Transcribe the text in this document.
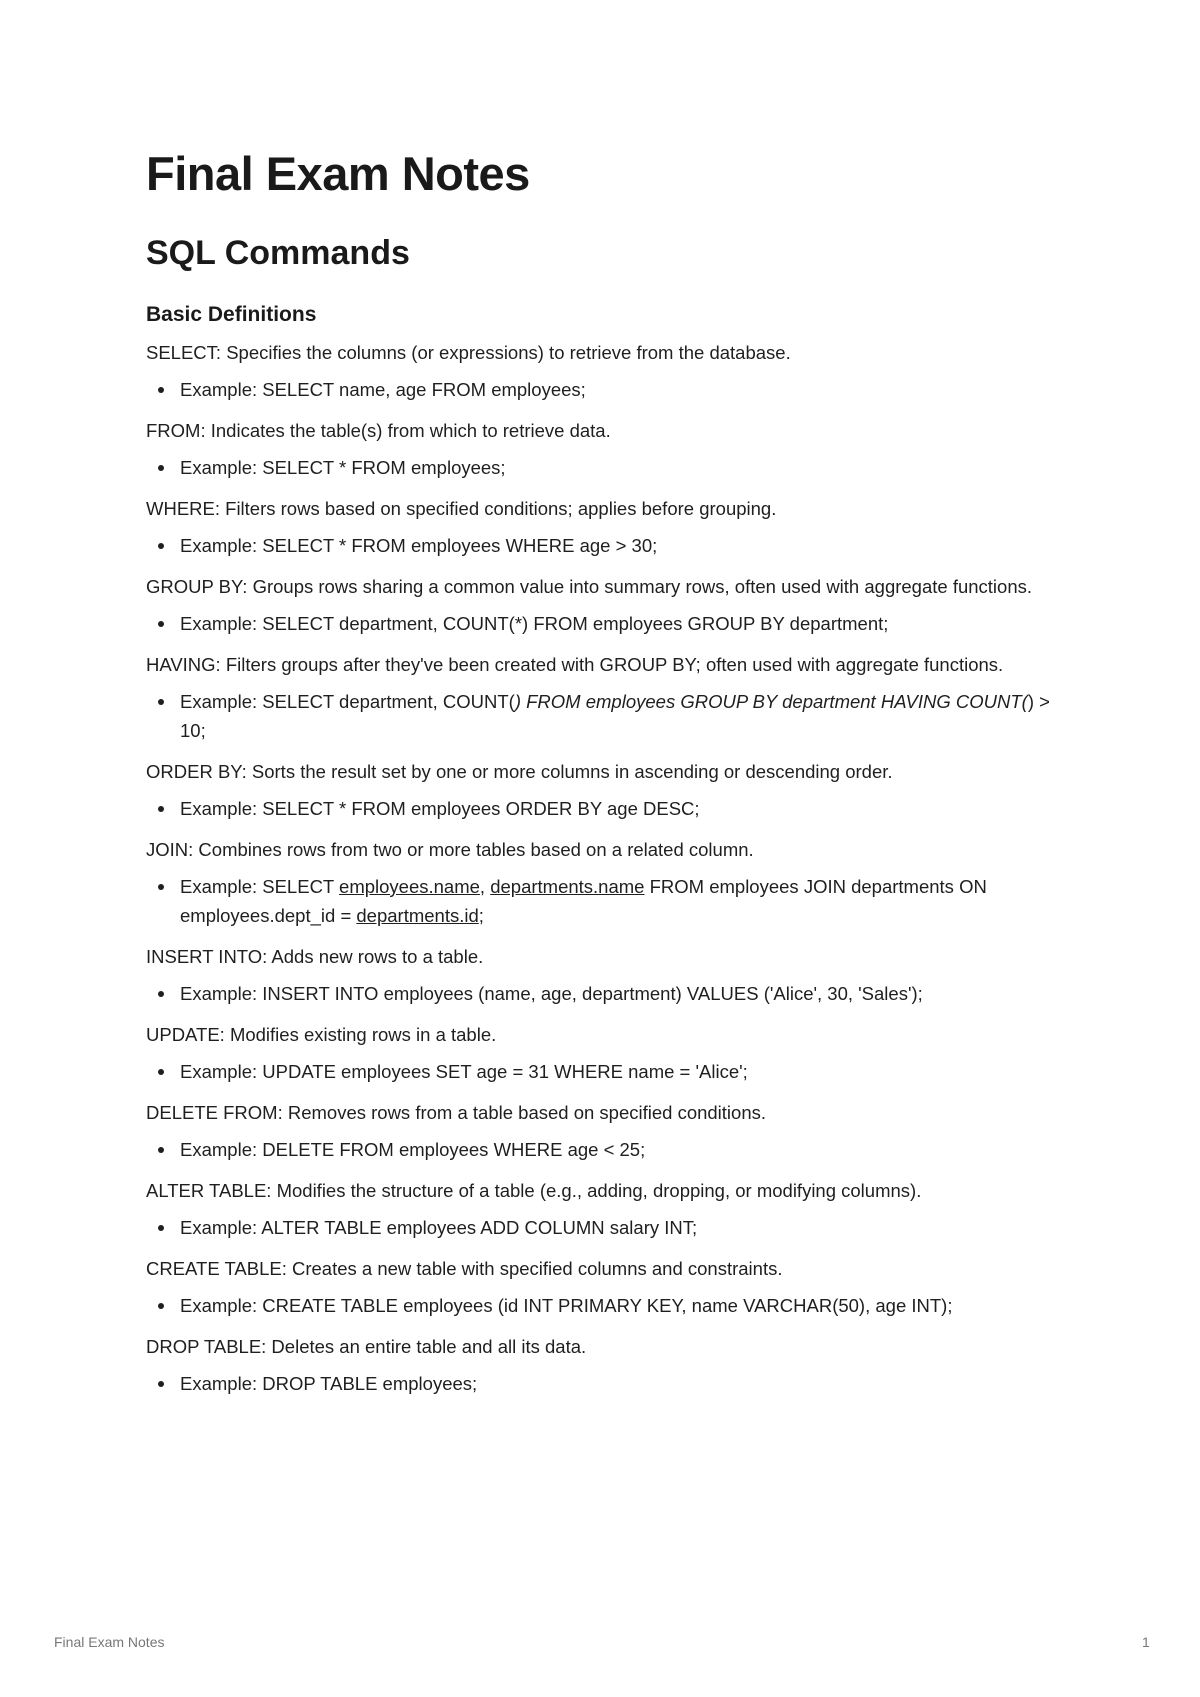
Final Exam Notes
SQL Commands
Basic Definitions

SELECT: Specifies the columns (or expressions) to retrieve from the database.

Example: SELECT name, age FROM employees;

FROM: Indicates the table(s) from which to retrieve data.

Example: SELECT * FROM employees;

WHERE: Filters rows based on specified conditions; applies before grouping.

Example: SELECT * FROM employees WHERE age > 30;

GROUP BY: Groups rows sharing a common value into summary rows, often used with aggregate functions.

Example: SELECT department, COUNT(*) FROM employees GROUP BY department;

HAVING: Filters groups after they've been created with GROUP BY; often used with aggregate functions.

Example: SELECT department, COUNT() FROM employees GROUP BY department HAVING COUNT() > 10;

ORDER BY: Sorts the result set by one or more columns in ascending or descending order.

Example: SELECT * FROM employees ORDER BY age DESC;

JOIN: Combines rows from two or more tables based on a related column.

Example: SELECT employees.name, departments.name FROM employees JOIN departments ON employees.dept_id = departments.id;

INSERT INTO: Adds new rows to a table.

Example: INSERT INTO employees (name, age, department) VALUES ('Alice', 30, 'Sales');

UPDATE: Modifies existing rows in a table.

Example: UPDATE employees SET age = 31 WHERE name = 'Alice';

DELETE FROM: Removes rows from a table based on specified conditions.

Example: DELETE FROM employees WHERE age < 25;

ALTER TABLE: Modifies the structure of a table (e.g., adding, dropping, or modifying columns).

Example: ALTER TABLE employees ADD COLUMN salary INT;

CREATE TABLE: Creates a new table with specified columns and constraints.

Example: CREATE TABLE employees (id INT PRIMARY KEY, name VARCHAR(50), age INT);

DROP TABLE: Deletes an entire table and all its data.

Example: DROP TABLE employees;
Final Exam Notes	1
